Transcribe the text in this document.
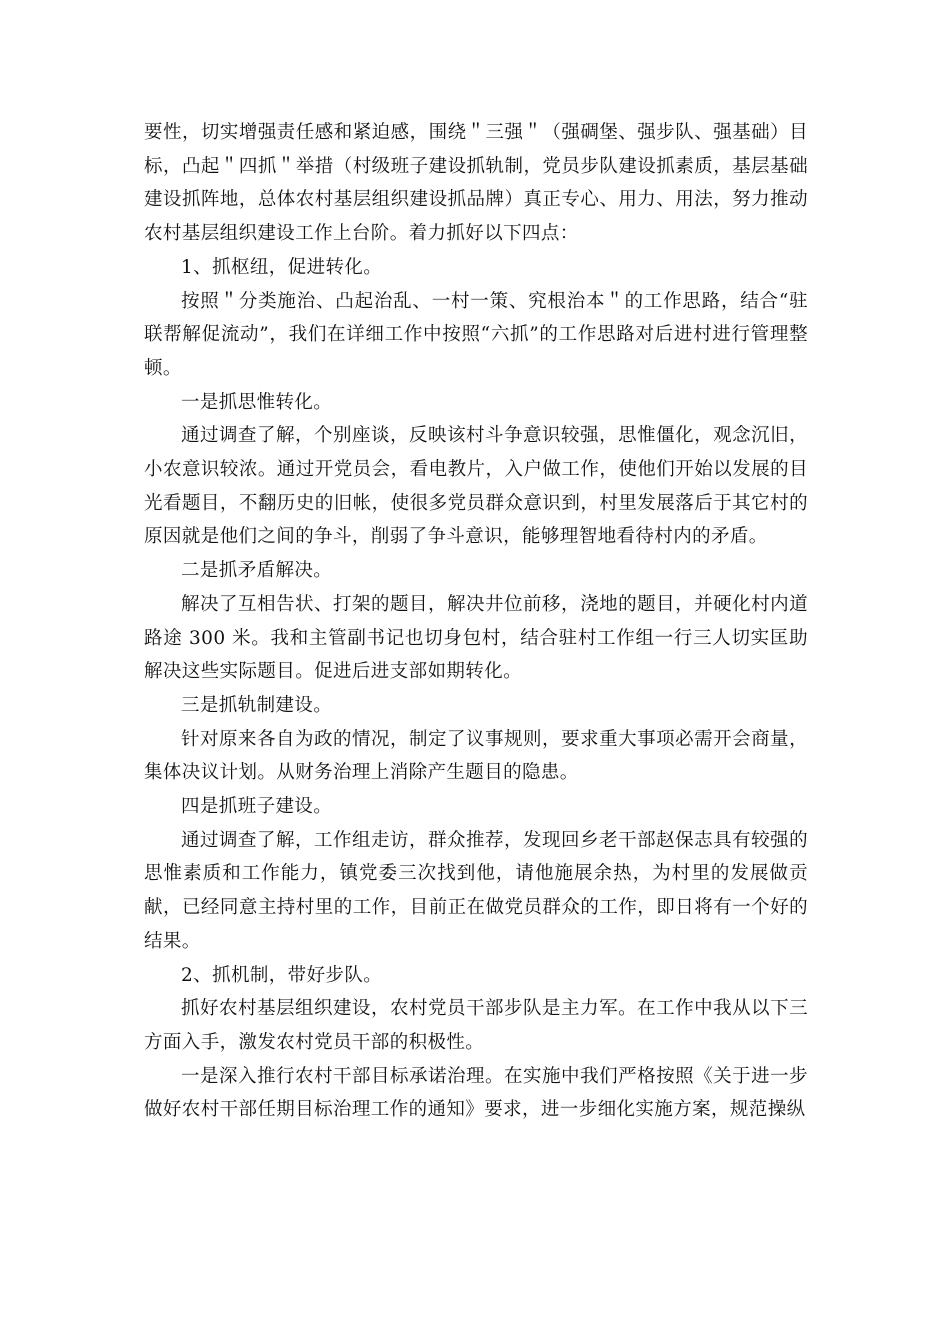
要性，切实增强责任感和紧迫感，围绕＂三强＂（强碉堡、强步队、强基础）目标，凸起＂四抓＂举措（村级班子建设抓轨制，党员步队建设抓素质，基层基础建设抓阵地，总体农村基层组织建设抓品牌）真正专心、用力、用法，努力推动农村基层组织建设工作上台阶。着力抓好以下四点：

1、抓枢纽，促进转化。

按照＂分类施治、凸起治乱、一村一策、究根治本＂的工作思路，结合“驻联帮解促流动”，我们在详细工作中按照“六抓”的工作思路对后进村进行管理整顿。

一是抓思惟转化。

通过调查了解，个别座谈，反映该村斗争意识较强，思惟僵化，观念沉旧，小农意识较浓。通过开党员会，看电教片，入户做工作，使他们开始以发展的目光看题目，不翻历史的旧帐，使很多党员群众意识到，村里发展落后于其它村的原因就是他们之间的争斗，削弱了争斗意识，能够理智地看待村内的矛盾。

二是抓矛盾解决。

解决了互相告状、打架的题目，解决井位前移，浇地的题目，并硬化村内道路途 300 米。我和主管副书记也切身包村，结合驻村工作组一行三人切实匡助解决这些实际题目。促进后进支部如期转化。

三是抓轨制建设。

针对原来各自为政的情况，制定了议事规则，要求重大事项必需开会商量，集体决议计划。从财务治理上消除产生题目的隐患。

四是抓班子建设。

通过调查了解，工作组走访，群众推荐，发现回乡老干部赵保志具有较强的思惟素质和工作能力，镇党委三次找到他，请他施展余热，为村里的发展做贡献，已经同意主持村里的工作，目前正在做党员群众的工作，即日将有一个好的结果。

2、抓机制，带好步队。

抓好农村基层组织建设，农村党员干部步队是主力军。在工作中我从以下三方面入手，激发农村党员干部的积极性。

一是深入推行农村干部目标承诺治理。在实施中我们严格按照《关于进一步做好农村干部任期目标治理工作的通知》要求，进一步细化实施方案，规范操纵
